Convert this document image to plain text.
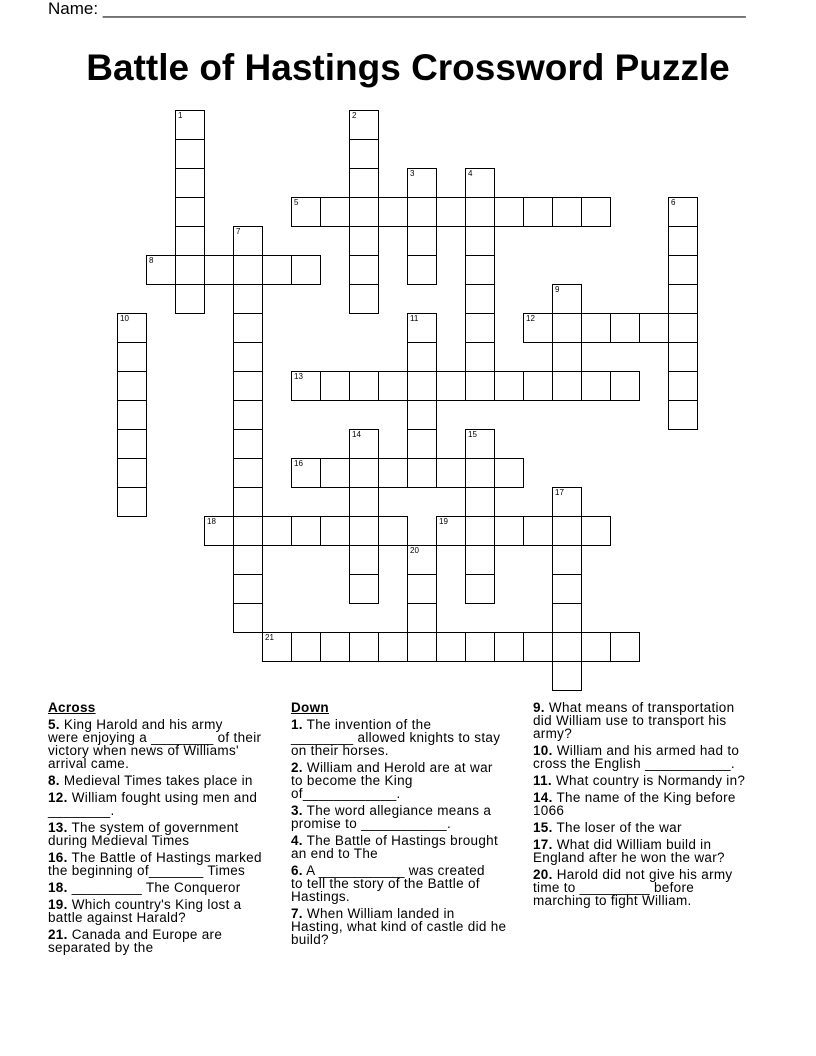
Name: ____________________________________________________________________
Battle of Hastings Crossword Puzzle
1	2
3	4
5	6
7
8
9
10	11	12
13
14	15
16
17
18	19
20
21
Across
5. King Harold and his army
were enjoying a ________ of their
victory when news of Williams'
arrival came.
8. Medieval Times takes place in
12. William fought using men and
________.
13. The system of government
during Medieval Times
16. The Battle of Hastings marked
the beginning of_______ Times
18. _________ The Conqueror
19. Which country's King lost a
battle against Harald?
21. Canada and Europe are
separated by the
Down
1. The invention of the
________ allowed knights to stay
on their horses.
2. William and Herold are at war
to become the King
of____________.
3. The word allegiance means a
promise to ___________.
4. The Battle of Hastings brought
an end to The
6. A ___________ was created
to tell the story of the Battle of
Hastings.
7. When William landed in
Hasting, what kind of castle did he
build?
9. What means of transportation
did William use to transport his
army?
10. William and his armed had to
cross the English ___________.
11. What country is Normandy in?
14. The name of the King before
1066
15. The loser of the war
17. What did William build in
England after he won the war?
20. Harold did not give his army
time to _________ before
marching to fight William.
